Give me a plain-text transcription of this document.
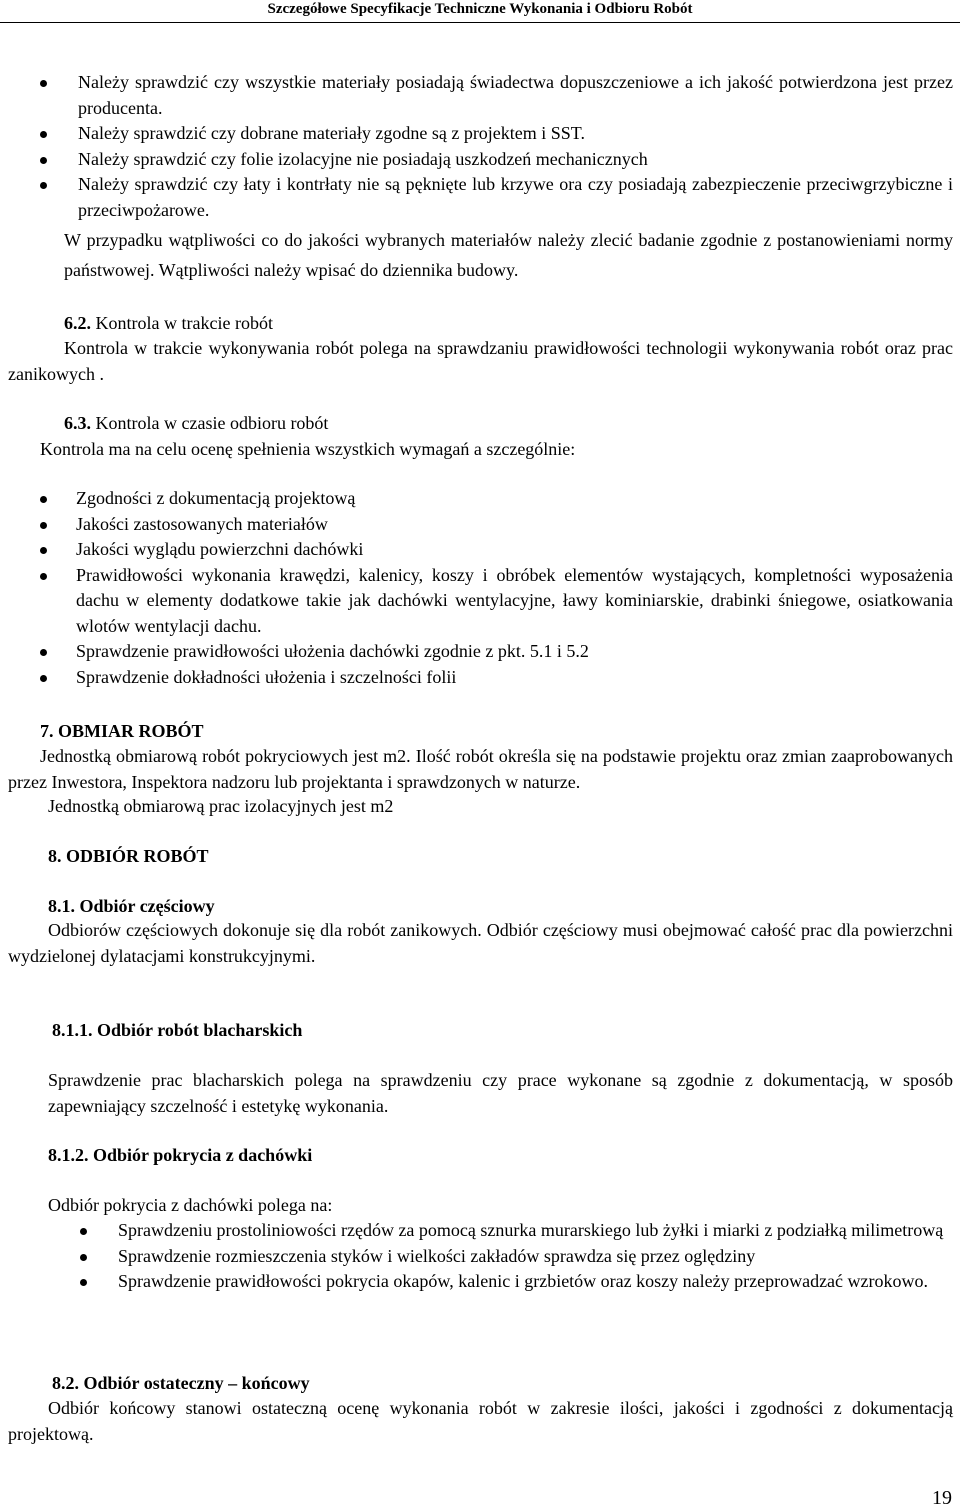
Szczegółowe Specyfikacje Techniczne Wykonania i Odbioru Robót
Należy sprawdzić czy wszystkie materiały posiadają świadectwa dopuszczeniowe a ich jakość potwierdzona jest przez producenta.
Należy sprawdzić czy dobrane materiały zgodne są z projektem i SST.
Należy sprawdzić czy folie izolacyjne nie posiadają uszkodzeń mechanicznych
Należy sprawdzić czy łaty i kontrłaty nie są pęknięte lub krzywe ora czy posiadają zabezpieczenie przeciwgrzybiczne i przeciwpożarowe.
W przypadku wątpliwości co do jakości wybranych materiałów należy zlecić badanie zgodnie z postanowieniami normy państwowej. Wątpliwości należy wpisać do dziennika budowy.
6.2. Kontrola w trakcie robót
Kontrola w trakcie wykonywania robót polega na sprawdzaniu prawidłowości technologii wykonywania robót oraz prac zanikowych .
6.3. Kontrola w czasie odbioru robót
Kontrola ma na celu ocenę spełnienia wszystkich wymagań a szczególnie:
Zgodności z dokumentacją projektową
Jakości zastosowanych materiałów
Jakości wyglądu powierzchni dachówki
Prawidłowości wykonania krawędzi, kalenicy, koszy i obróbek elementów wystających, kompletności wyposażenia dachu w elementy dodatkowe takie jak dachówki wentylacyjne, ławy kominiarskie, drabinki śniegowe, osiatkowania wlotów wentylacji dachu.
Sprawdzenie prawidłowości ułożenia dachówki zgodnie z pkt. 5.1 i 5.2
Sprawdzenie dokładności ułożenia i szczelności folii
7. OBMIAR ROBÓT
Jednostką obmiarową robót pokryciowych jest m2. Ilość robót określa się na podstawie projektu oraz zmian zaaprobowanych przez Inwestora, Inspektora nadzoru lub projektanta i sprawdzonych w naturze.
Jednostką obmiarową prac izolacyjnych jest m2
8. ODBIÓR ROBÓT
8.1. Odbiór częściowy
Odbiorów częściowych dokonuje się dla robót zanikowych. Odbiór częściowy musi obejmować całość prac dla powierzchni wydzielonej dylatacjami konstrukcyjnymi.
8.1.1. Odbiór robót blacharskich
Sprawdzenie prac blacharskich polega na sprawdzeniu czy prace wykonane są zgodnie z dokumentacją, w sposób zapewniający szczelność i estetykę wykonania.
8.1.2. Odbiór pokrycia z dachówki
Odbiór pokrycia z dachówki polega na:
Sprawdzeniu prostoliniowości rzędów za pomocą sznurka murarskiego lub żyłki i miarki z podziałką milimetrową
Sprawdzenie rozmieszczenia styków i wielkości zakładów sprawdza się przez oględziny
Sprawdzenie prawidłowości pokrycia okapów, kalenic i grzbietów oraz koszy należy przeprowadzać wzrokowo.
8.2. Odbiór ostateczny – końcowy
Odbiór końcowy stanowi ostateczną ocenę wykonania robót w zakresie ilości, jakości i zgodności z dokumentacją projektową.
19
